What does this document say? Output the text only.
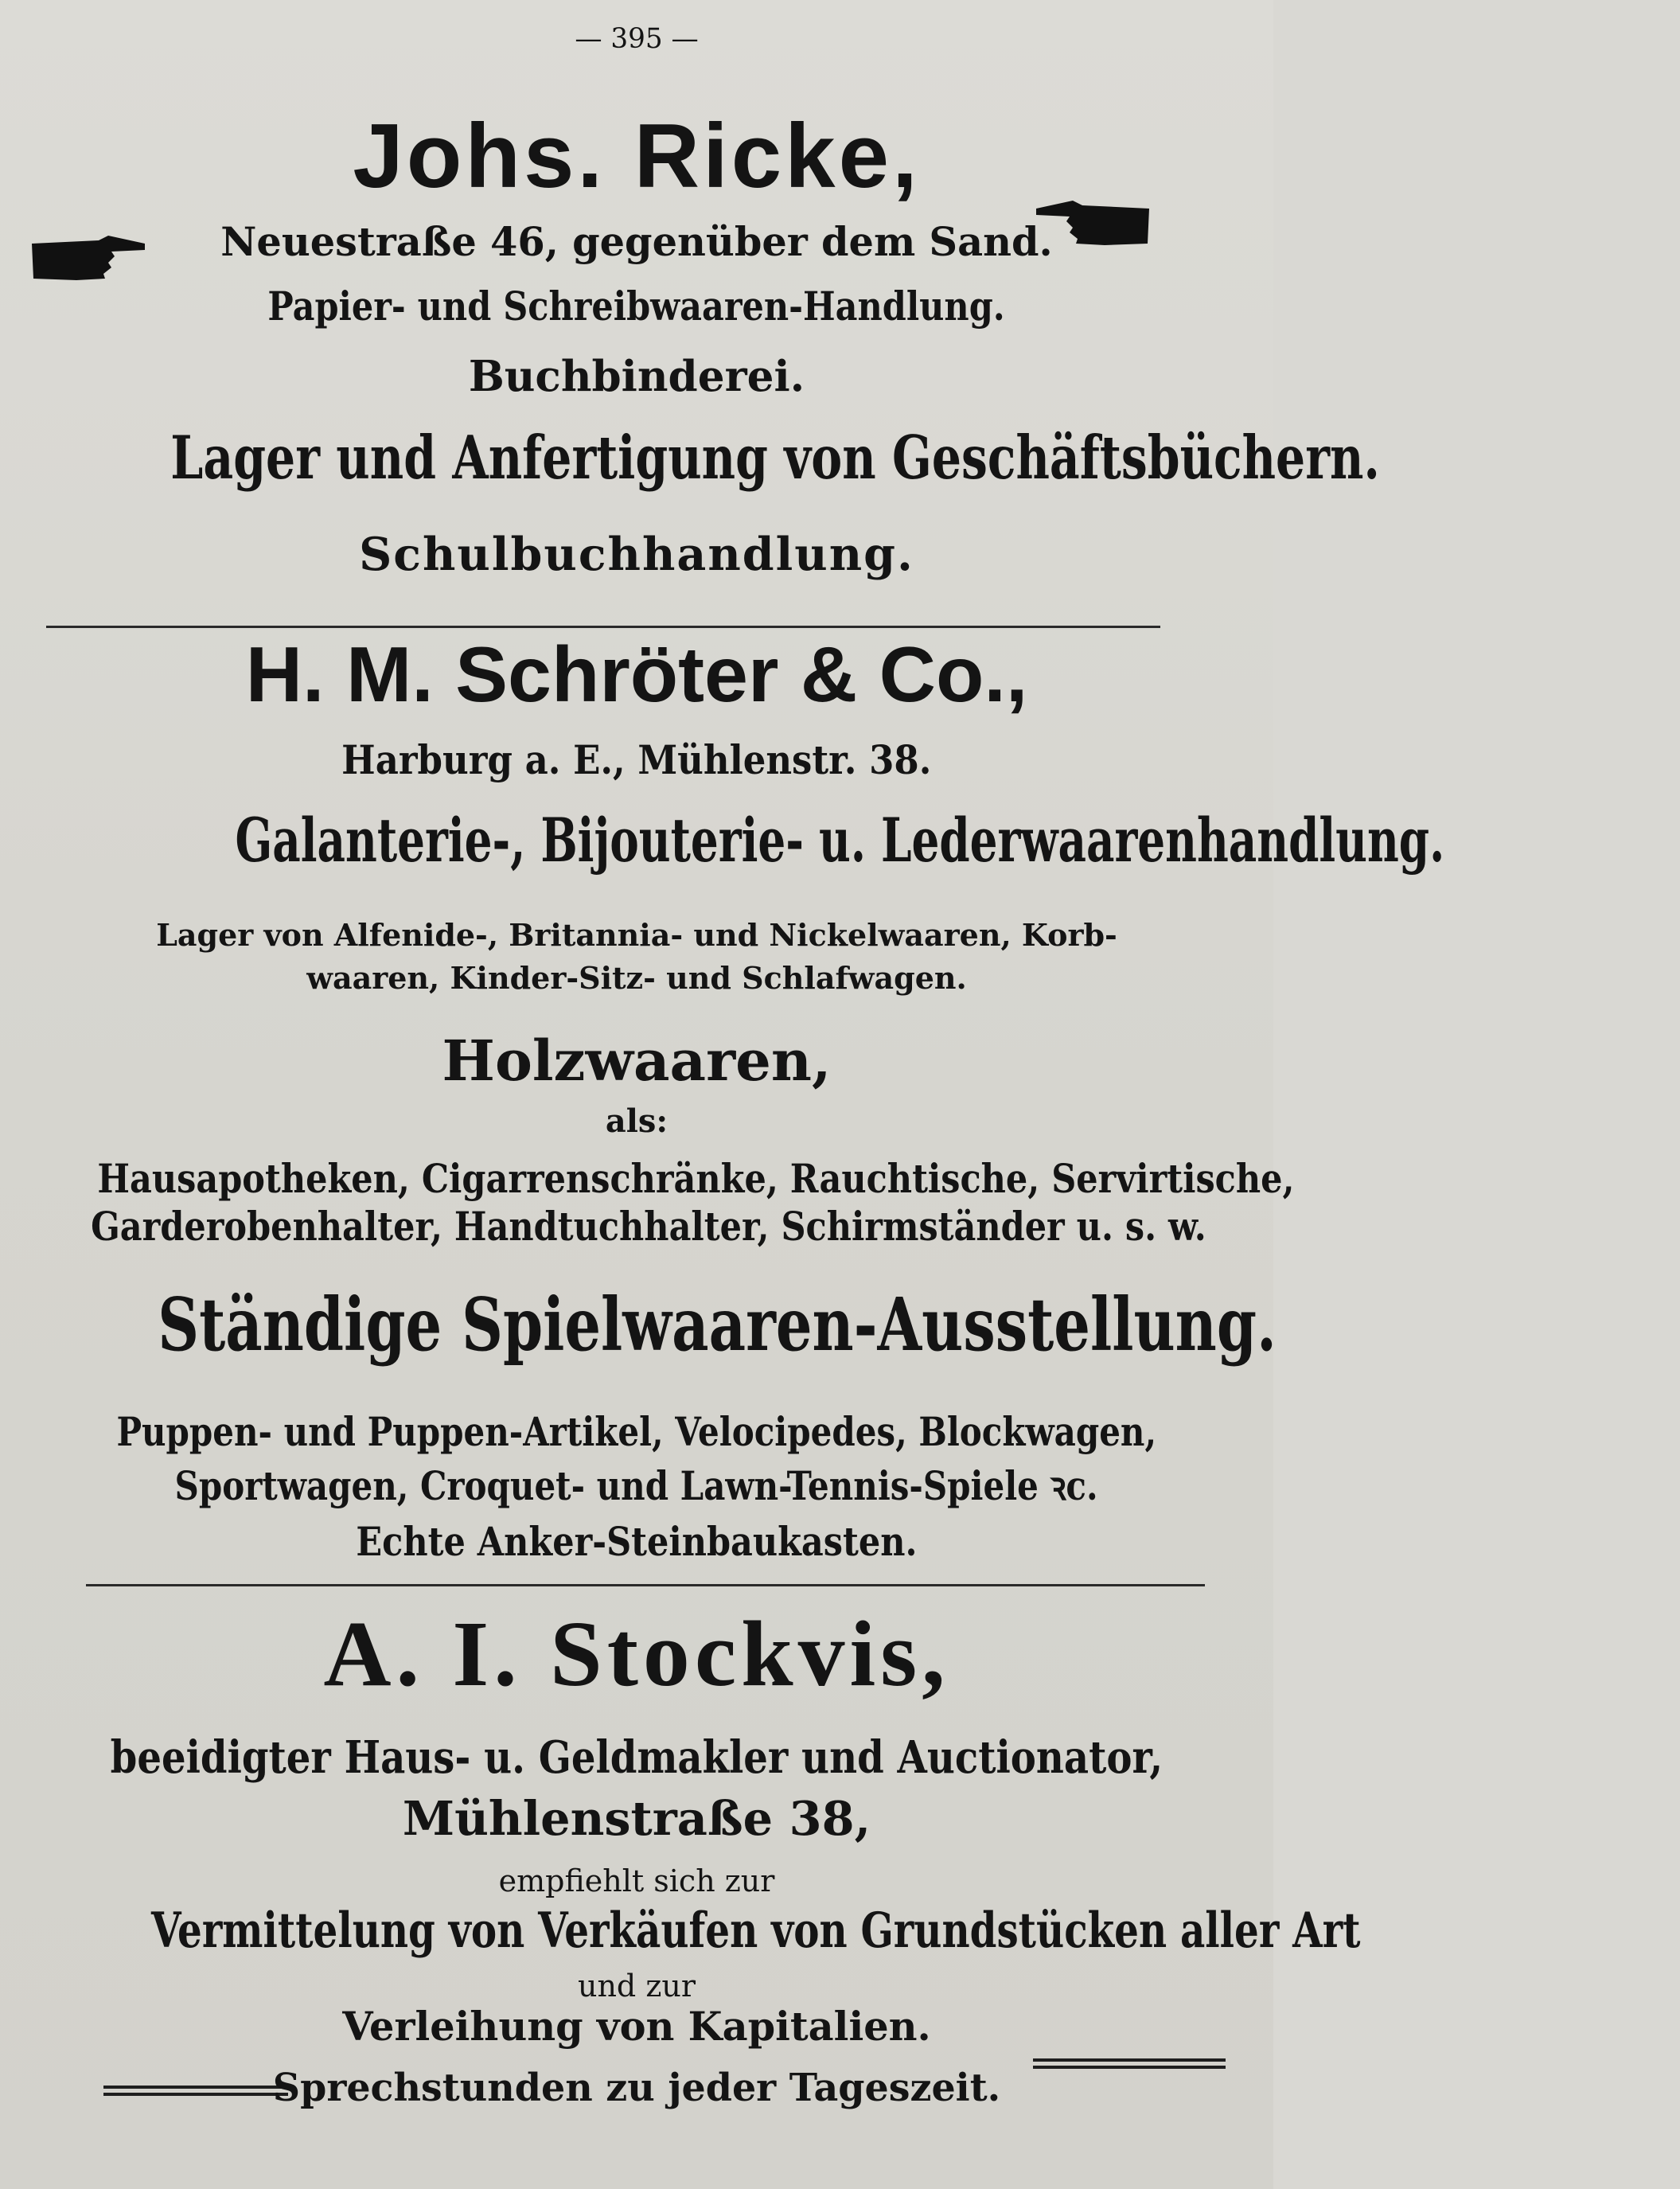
— 395 —
Johs. Ricke,
Neuestraße 46, gegenüber dem Sand.
Papier- und Schreibwaaren-Handlung.
Buchbinderei.
Lager und Anfertigung von Geschäftsbüchern.
Schulbuchhandlung.
H. M. Schröter & Co.,
Harburg a. E., Mühlenstr. 38.
Galanterie-, Bijouterie- u. Lederwaarenhandlung.
Lager von Alfenide-, Britannia- und Nickelwaaren, Korb-
waaren, Kinder-Sitz- und Schlafwagen.
Holzwaaren,
als:
Hausapotheken, Cigarrenschränke, Rauchtische, Servirtische,
Garderobenhalter, Handtuchhalter, Schirmständer u. s. w.
Ständige Spielwaaren-Ausstellung.
Puppen- und Puppen-Artikel, Velocipedes, Blockwagen,
Sportwagen, Croquet- und Lawn-Tennis-Spiele ꝛc.
Echte Anker-Steinbaukasten.
A. I. Stockvis,
beeidigter Haus- u. Geldmakler und Auctionator,
Mühlenstraße 38,
empfiehlt sich zur
Vermittelung von Verkäufen von Grundstücken aller Art
und zur
Verleihung von Kapitalien.
Sprechstunden zu jeder Tageszeit.
